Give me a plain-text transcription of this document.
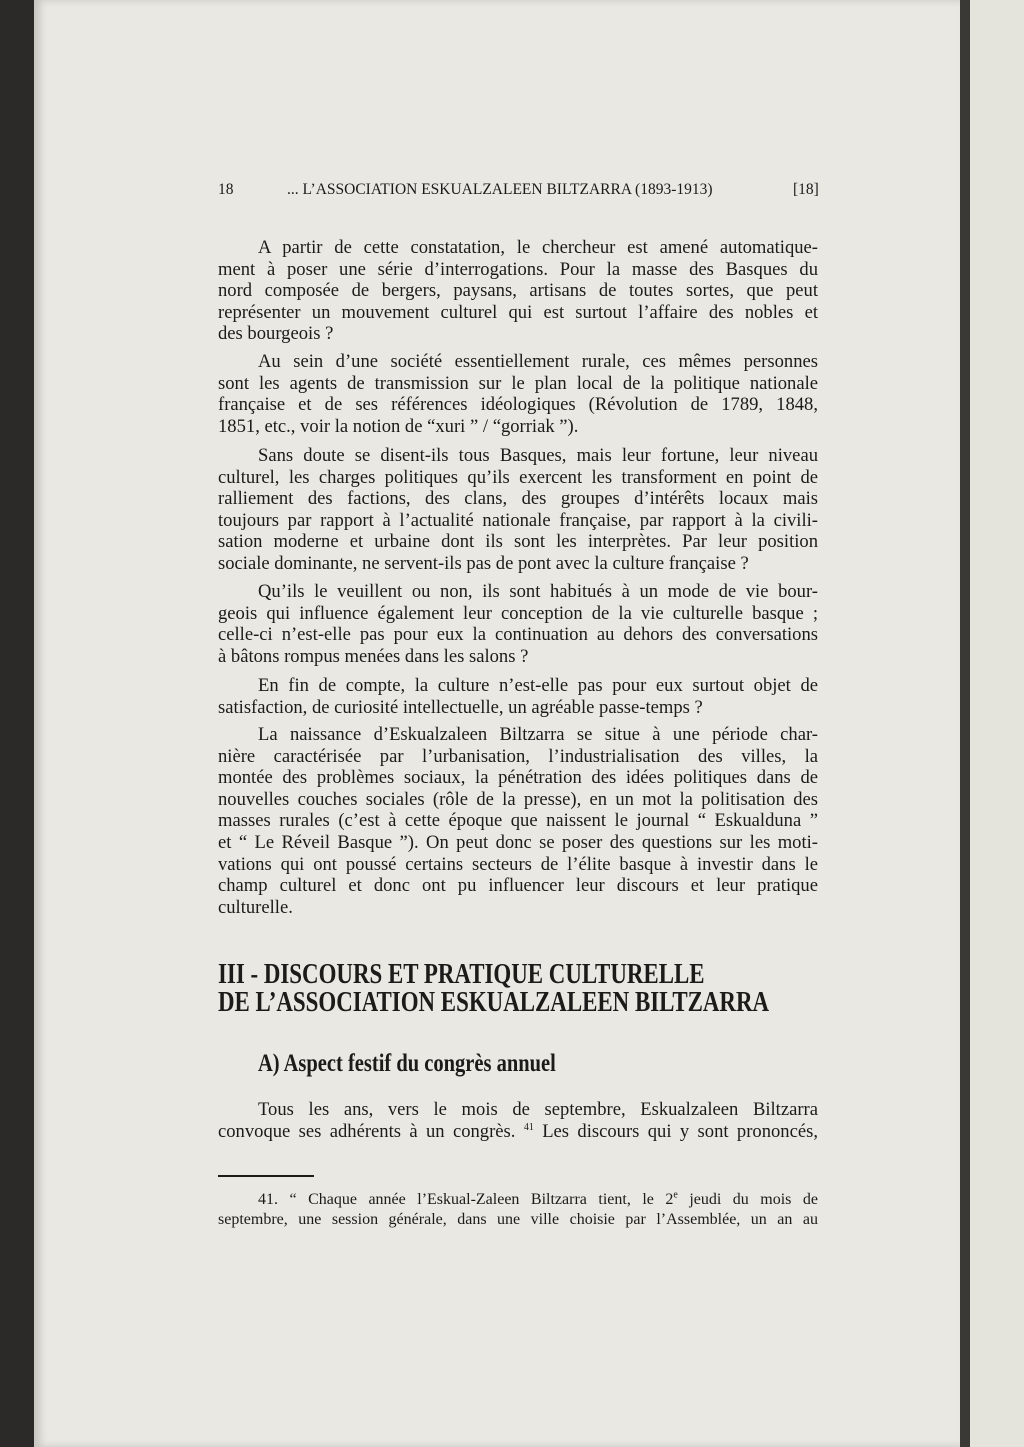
18	... L’ASSOCIATION ESKUALZALEEN BILTZARRA (1893-1913)	[18]
A partir de cette constatation, le chercheur est amené automatique-
ment à poser une série d’interrogations. Pour la masse des Basques du
nord composée de bergers, paysans, artisans de toutes sortes, que peut
représenter un mouvement culturel qui est surtout l’affaire des nobles et
des bourgeois ?
Au sein d’une société essentiellement rurale, ces mêmes personnes
sont les agents de transmission sur le plan local de la politique nationale
française et de ses références idéologiques (Révolution de 1789, 1848,
1851, etc., voir la notion de “xuri ” / “gorriak ”).
Sans doute se disent-ils tous Basques, mais leur fortune, leur niveau
culturel, les charges politiques qu’ils exercent les transforment en point de
ralliement des factions, des clans, des groupes d’intérêts locaux mais
toujours par rapport à l’actualité nationale française, par rapport à la civili-
sation moderne et urbaine dont ils sont les interprètes. Par leur position
sociale dominante, ne servent-ils pas de pont avec la culture française ?
Qu’ils le veuillent ou non, ils sont habitués à un mode de vie bour-
geois qui influence également leur conception de la vie culturelle basque ;
celle-ci n’est-elle pas pour eux la continuation au dehors des conversations
à bâtons rompus menées dans les salons ?
En fin de compte, la culture n’est-elle pas pour eux surtout objet de
satisfaction, de curiosité intellectuelle, un agréable passe-temps ?
La naissance d’Eskualzaleen Biltzarra se situe à une période char-
nière caractérisée par l’urbanisation, l’industrialisation des villes, la
montée des problèmes sociaux, la pénétration des idées politiques dans de
nouvelles couches sociales (rôle de la presse), en un mot la politisation des
masses rurales (c’est à cette époque que naissent le journal “ Eskualduna ”
et “ Le Réveil Basque ”). On peut donc se poser des questions sur les moti-
vations qui ont poussé certains secteurs de l’élite basque à investir dans le
champ culturel et donc ont pu influencer leur discours et leur pratique
culturelle.
III - DISCOURS ET PRATIQUE CULTURELLE
DE L’ASSOCIATION ESKUALZALEEN BILTZARRA
A) Aspect festif du congrès annuel
Tous les ans, vers le mois de septembre, Eskualzaleen Biltzarra
convoque ses adhérents à un congrès. $^{41}$ Les discours qui y sont prononcés,
41. “ Chaque année l’Eskual-Zaleen Biltzarra tient, le 2e jeudi du mois de
septembre, une session générale, dans une ville choisie par l’Assemblée, un an au
